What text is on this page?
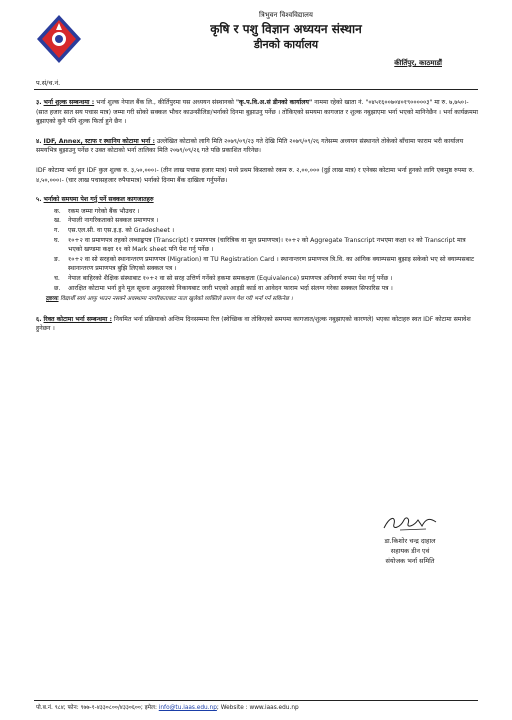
त्रिभुवन विश्वविद्यालय
कृषि र पशु विज्ञान अध्ययन संस्थान
डीनको कार्यालय
कीर्तिपुर, काठमाडौं
प.सं/च.नं.
३. भर्ना शुल्क सम्बन्धमा : भर्ना शुल्क नेपाल बैंक लि., कीर्तिपुरमा यस अध्ययन संस्थानको "कृ.प.वि.अ.सं डीनको कार्यालय" नाममा रहेको खाता नं. "०४५१६००७०४०१९०००००३" मा रु. ७,७५०।- (सात हजार सात सय पचास मात्र) जम्मा गरी सोको सक्कल भौचर काउन्सीलिङ/भर्नाको दिनमा बुझाउनु पर्नेछ । तोकिएको समयमा कागजात र शुल्क नबुझाएमा भर्ना भएको मानिनेछैन । भर्ना कार्यक्रममा बुझाएको कुनै पनि शुल्क फिर्ता हुने छैन ।
४. IDF, Annex, स्टाफ र स्थानिय कोटामा भर्ना : उल्लेखित कोटाको लागि मिति २०७९/०९/२३ गते देखि मिति २०७९/०९/२६ गतेसम्म अध्ययन संस्थानले तोकेको बाँचामा फाराम भरी कार्यालय समयभित्र बुझाउनु पर्नेछ र उक्त कोटाको भर्ना तालिका मिति २०७९/०९/२६ गते पछि प्रकाशित गरिनेछ।
IDF कोटामा भर्ना हुन IDF कुल शुल्क रु. ३,५०,०००।- (तीन लाख पचास हजार मात्र) मध्ये प्रथम किस्ताको रकम रु. २,००,००० (दुई लाख मात्र) र एनेक्स कोटामा भर्ना हुनको लागि एकमुष्ठ रुपमा रु. ४,५०,०००।- (चार लाख पचासहजार रुपैयामात्र) भर्नाको दिनमा बैंक दाखिला गर्नुपर्नेछ।
५. भर्नाको समयमा पेश गर्नु पर्ने सक्कल कागजातहरु
क.	रकम जम्मा गरेको बैंक भौउचर ।
ख.	नेपाली नागरिकताको सक्कल प्रमाणपत्र ।
ग.	एस.एल.सी. वा एस.इ.इ. को Gradesheet ।
घ.	१०+२ वा प्रमाणपत्र तहको लब्धाङ्कपत्र (Transcript) र प्रमाणपत्र (चारित्रिक वा मूल प्रमाणपत्र)। १०+२ को Aggregate Transcript नभएमा कक्षा १२ को Transcript मात्र भएको खण्डमा कक्षा ११ को Mark sheet पनि पेश गर्नु पर्नेछ ।
ङ.	१०+२ वा सो सरहको स्थानान्तरण प्रमाणपत्र (Migration) वा TU Registration Card । स्थानान्तरण प्रमाणपत्र त्रि.वि. का आंगिक क्याम्पसमा बुझाइ सकेको भए सो क्याम्पसबाट स्थानान्तरण प्रमाणपत्र बुझि लिएको सक्कल पत्र ।
च.	नेपाल बाहिरको शैक्षिक संस्थाबाट १०+२ वा सो सरह उत्तिर्ण गर्नेको हकमा समकक्षता (Equivalence) प्रमाणपत्र अनिवार्य रुपमा पेश गर्नु पर्नेछ ।
छ.	आरक्षित कोटामा भर्ना हुने मूल सूचना अनुसारको निकायबाट जारी भएको आइडी कार्ड वा आवेदन फाराम भर्दा संलग्न गरेका सक्कल सिफारिस पत्र ।
द्रष्टव्यः विद्यार्थी स्वयं आफु भाउन नसक्ने अवस्थामा नागरिकताबाट नाता खुलेको व्यक्तिले प्रमाण पेश गरी भर्ना गर्न सकिनेछ ।
६. रिक्त कोटामा भर्ना सम्बन्धमा : नियमित भर्ना प्रक्रियाको अन्तिम दिनसम्ममा रित्त (स्वेच्छिक वा तोकिएको समयमा कागजात/शुल्क नबुझाएको कारणले) भएका कोटाहरु स्वत IDF कोटामा समावेश हुनेछन ।
डा.किशोर चन्द्र दाहाल
सहायक डीन एवं
संयोजक भर्ना समिति
पो.ब.नं. ९८४; फोन: ९७७-१-४३३०८००/४३३०६००; इमेल: info@tu.iaas.edu.np; Website : www.iaas.edu.np
